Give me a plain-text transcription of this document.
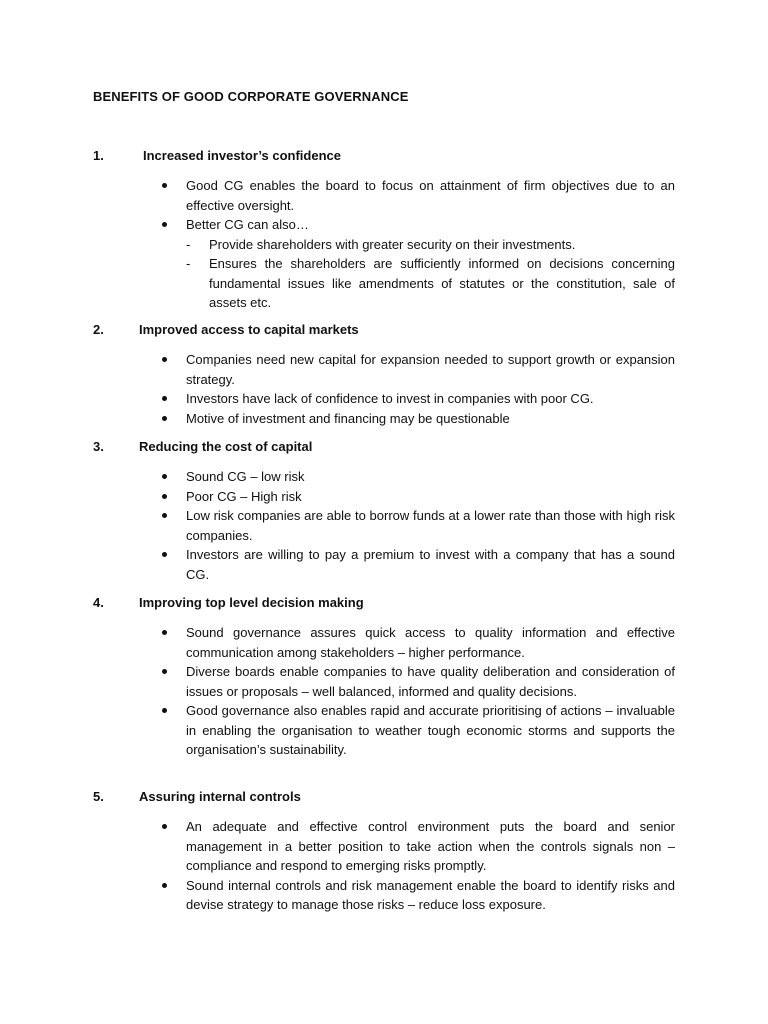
BENEFITS OF GOOD CORPORATE GOVERNANCE
1.	Increased investor’s confidence
Good CG enables the board to focus on attainment of firm objectives due to an effective oversight.
Better CG can also…
- Provide shareholders with greater security on their investments.
- Ensures the shareholders are sufficiently informed on decisions concerning fundamental issues like amendments of statutes or the constitution, sale of assets etc.
2.	Improved access to capital markets
Companies need new capital for expansion needed to support growth or expansion strategy.
Investors have lack of confidence to invest in companies with poor CG.
Motive of investment and financing may be questionable
3.	Reducing the cost of capital
Sound CG – low risk
Poor CG – High risk
Low risk companies are able to borrow funds at a lower rate than those with high risk companies.
Investors are willing to pay a premium to invest with a company that has a sound CG.
4.	Improving top level decision making
Sound governance assures quick access to quality information and effective communication among stakeholders – higher performance.
Diverse boards enable companies to have quality deliberation and consideration of issues or proposals – well balanced, informed and quality decisions.
Good governance also enables rapid and accurate prioritising of actions – invaluable in enabling the organisation to weather tough economic storms and supports the organisation’s sustainability.
5.	Assuring internal controls
An adequate and effective control environment puts the board and senior management in a better position to take action when the controls signals non – compliance and respond to emerging risks promptly.
Sound internal controls and risk management enable the board to identify risks and devise strategy to manage those risks – reduce loss exposure.
